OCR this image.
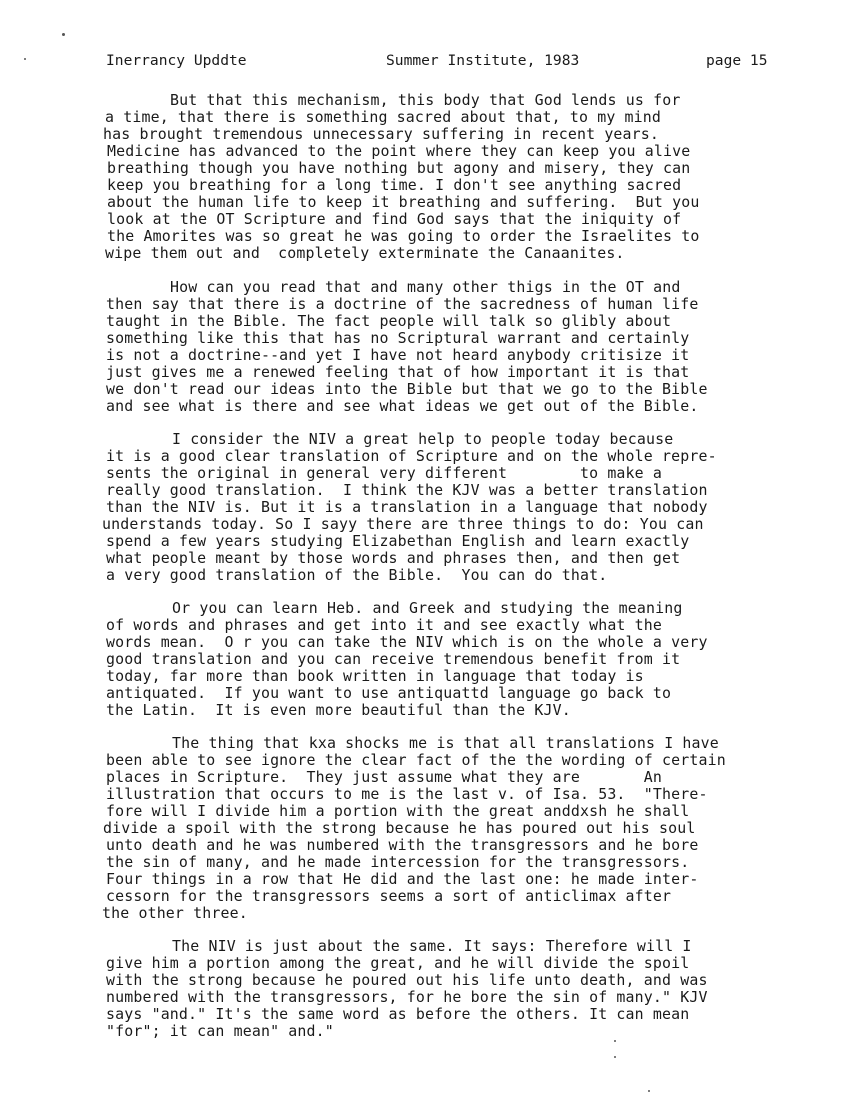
Inerrancy Upddte	Summer Institute, 1983	page 15
But that this mechanism, this body that God lends us for
a time, that there is something sacred about that, to my mind
has brought tremendous unnecessary suffering in recent years.
Medicine has advanced to the point where they can keep you alive
breathing though you have nothing but agony and misery, they can
keep you breathing for a long time. I don't see anything sacred
about the human life to keep it breathing and suffering.  But you
look at the OT Scripture and find God says that the iniquity of
the Amorites was so great he was going to order the Israelites to
wipe them out and  completely exterminate the Canaanites.
How can you read that and many other thigs in the OT and
then say that there is a doctrine of the sacredness of human life
taught in the Bible. The fact people will talk so glibly about
something like this that has no Scriptural warrant and certainly
is not a doctrine--and yet I have not heard anybody critisize it
just gives me a renewed feeling that of how important it is that
we don't read our ideas into the Bible but that we go to the Bible
and see what is there and see what ideas we get out of the Bible.
I consider the NIV a great help to people today because
it is a good clear translation of Scripture and on the whole repre-
sents the original in general very different        to make a
really good translation.  I think the KJV was a better translation
than the NIV is. But it is a translation in a language that nobody
understands today. So I sayy there are three things to do: You can
spend a few years studying Elizabethan English and learn exactly
what people meant by those words and phrases then, and then get
a very good translation of the Bible.  You can do that.
Or you can learn Heb. and Greek and studying the meaning
of words and phrases and get into it and see exactly what the
words mean.  O r you can take the NIV which is on the whole a very
good translation and you can receive tremendous benefit from it
today, far more than book written in language that today is
antiquated.  If you want to use antiquattd language go back to
the Latin.  It is even more beautiful than the KJV.
The thing that kxa shocks me is that all translations I have
been able to see ignore the clear fact of the the wording of certain
places in Scripture.  They just assume what they are       An
illustration that occurs to me is the last v. of Isa. 53.  "There-
fore will I divide him a portion with the great anddxsh he shall
divide a spoil with the strong because he has poured out his soul
unto death and he was numbered with the transgressors and he bore
the sin of many, and he made intercession for the transgressors.
Four things in a row that He did and the last one: he made inter-
cessorn for the transgressors seems a sort of anticlimax after
the other three.
The NIV is just about the same. It says: Therefore will I
give him a portion among the great, and he will divide the spoil
with the strong because he poured out his life unto death, and was
numbered with the transgressors, for he bore the sin of many." KJV
says "and." It's the same word as before the others. It can mean
"for"; it can mean" and."
